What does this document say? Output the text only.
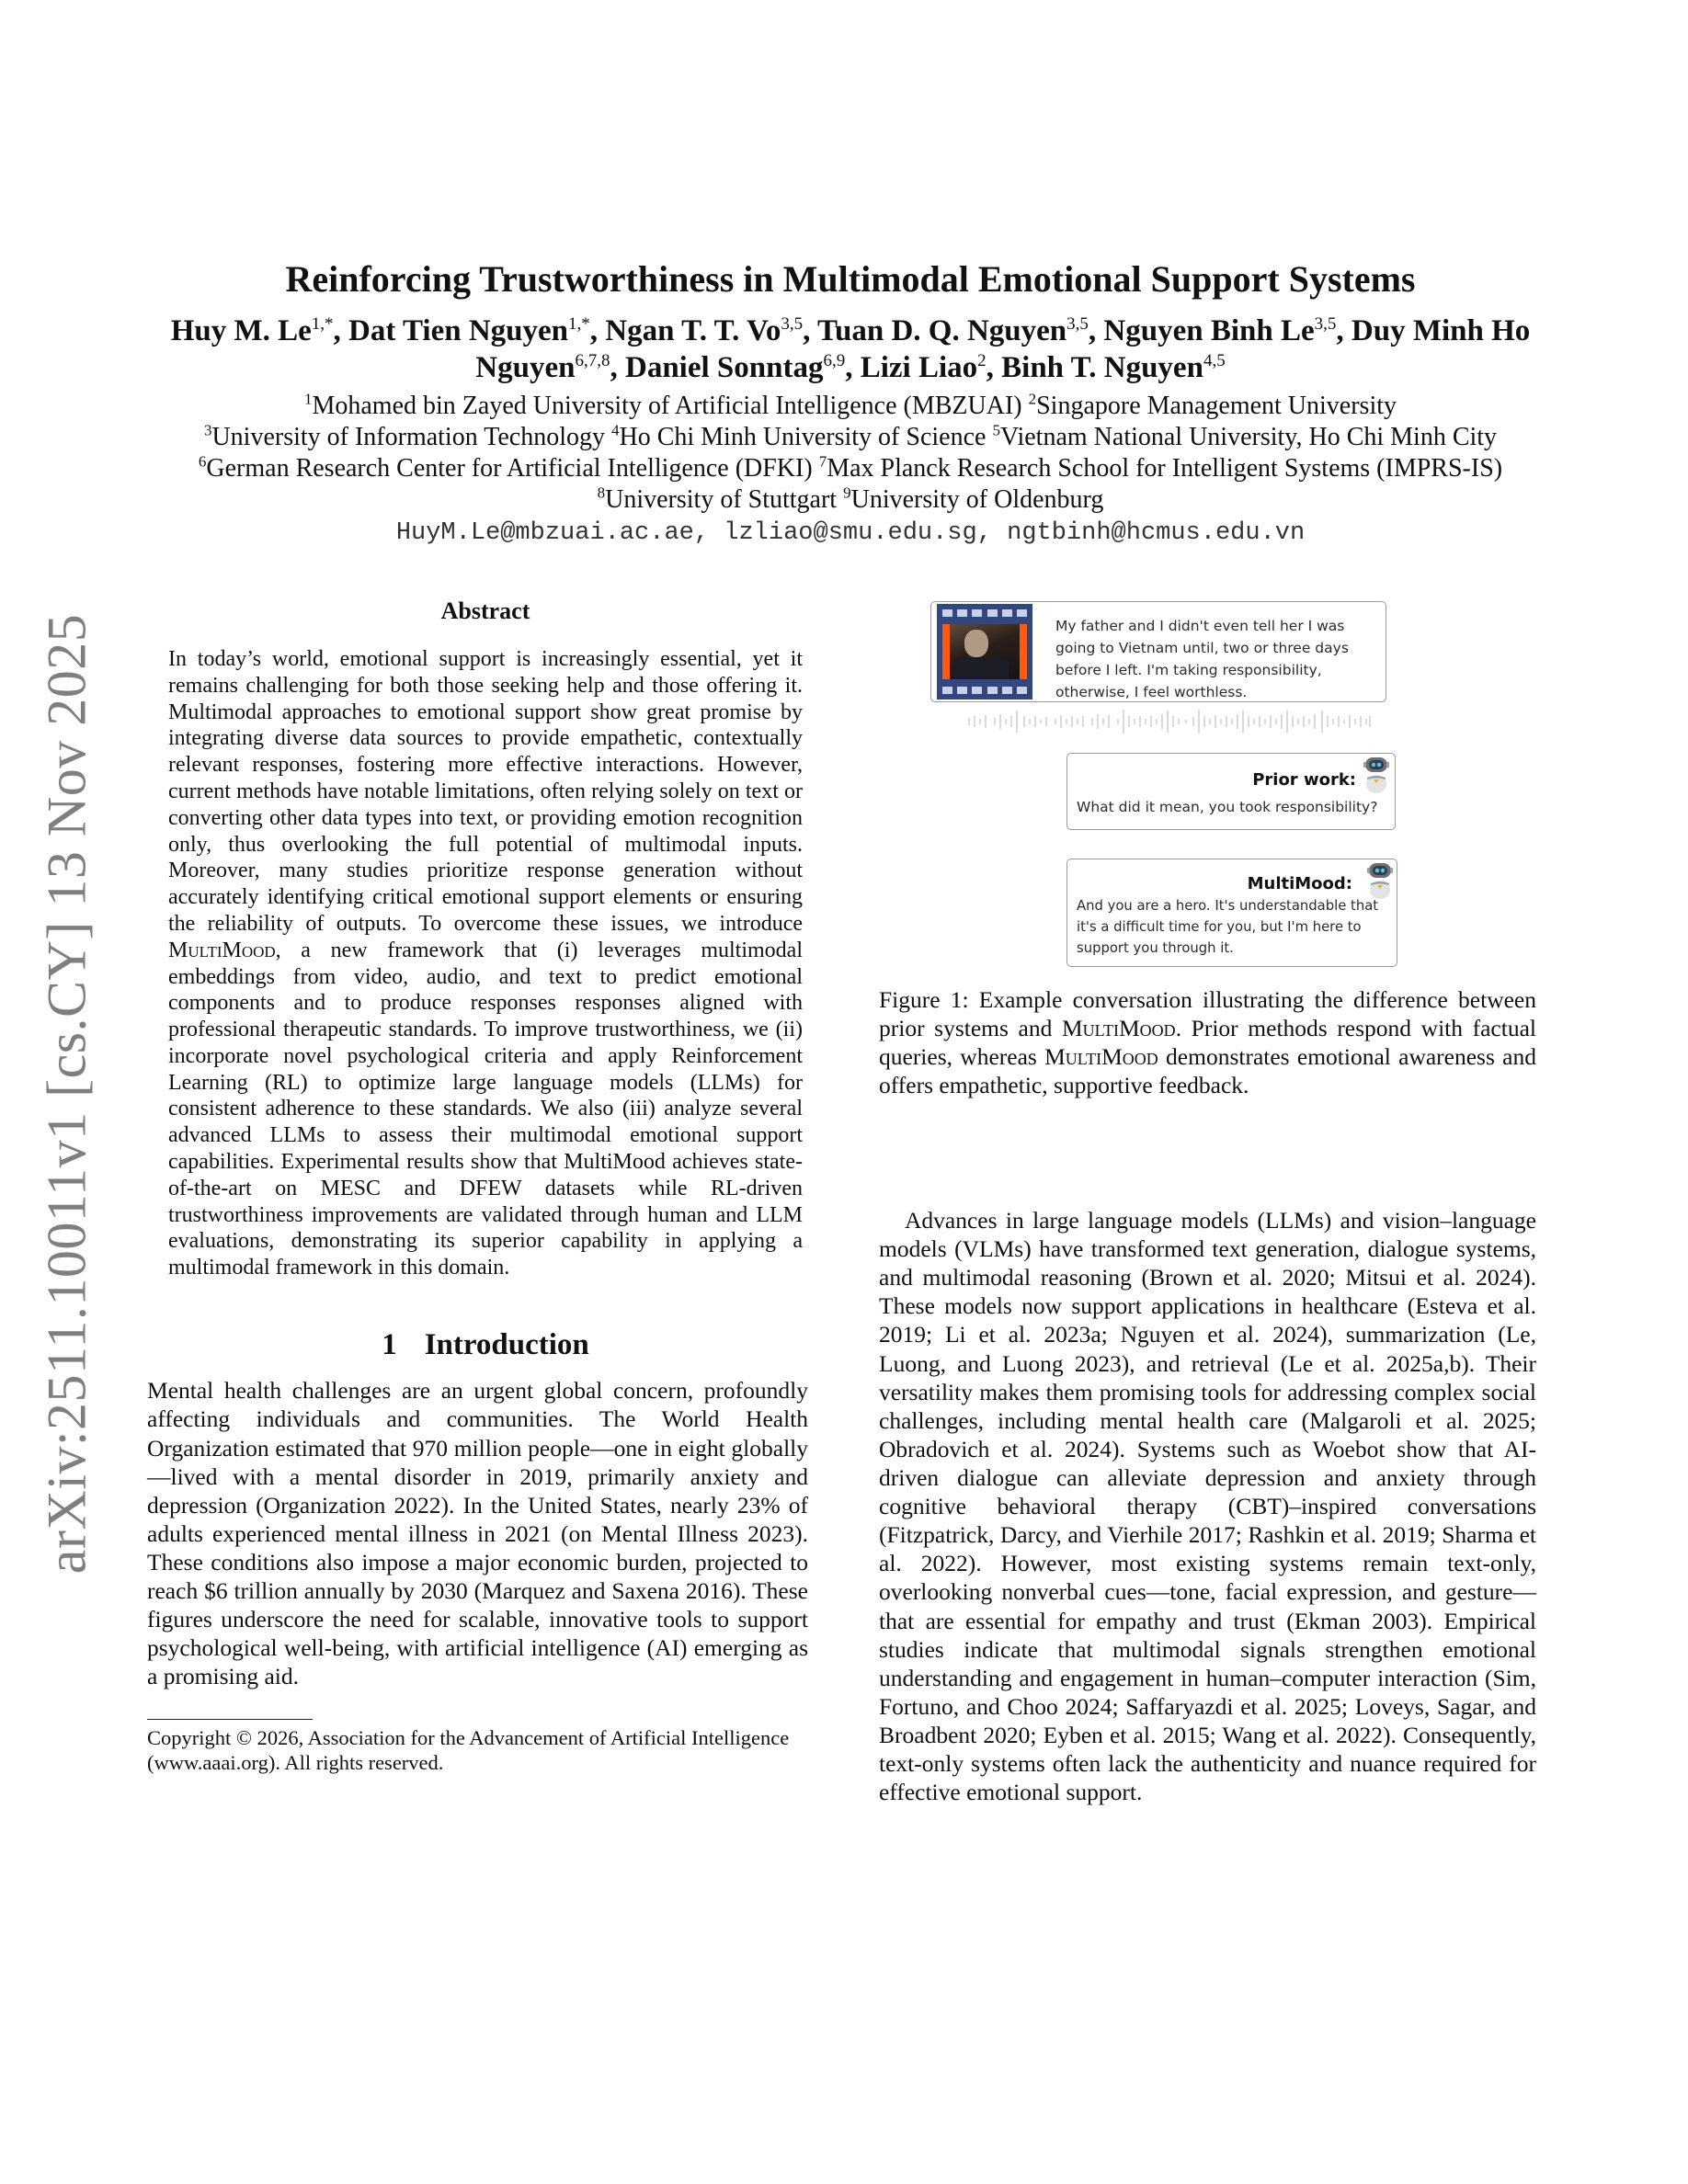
arXiv:2511.10011v1 [cs.CY] 13 Nov 2025
Reinforcing Trustworthiness in Multimodal Emotional Support Systems
Huy M. $Le^{1,*}$, Dat Tien Nguyen$^{1,*}$, Ngan T. T. Vo$^{3,5}$, Tuan D. Q. Nguyen$^{3,5}$, Nguyen Binh Le$^{3,5}$, Duy Minh Ho Nguyen$^{6,7,8}$, Daniel Sonntag$^{6,9}$, Lizi Liao$^2$, Binh T. Nguyen$^{4,5}$
$^1$Mohamed bin Zayed University of Artificial Intelligence (MBZUAI) $^2$Singapore Management University
$^3$University of Information Technology $^4$Ho Chi Minh University of Science $^5$Vietnam National University, Ho Chi Minh City
$^6$German Research Center for Artificial Intelligence (DFKI) $^7$Max Planck Research School for Intelligent Systems (IMPRS-IS)
$^8$University of Stuttgart $^9$University of Oldenburg
HuyM.Le@mbzuai.ac.ae, lzliao@smu.edu.sg, ngtbinh@hcmus.edu.vn
Abstract

In today’s world, emotional support is increasingly essential, yet it remains challenging for both those seeking help and those offering it. Multimodal approaches to emotional support show great promise by integrating diverse data sources to provide empathetic, contextually relevant responses, fostering more effective interactions. However, current methods have notable limitations, often relying solely on text or converting other data types into text, or providing emotion recognition only, thus overlooking the full potential of multimodal inputs. Moreover, many studies prioritize response generation without accurately identifying critical emotional support elements or ensuring the reliability of outputs. To overcome these issues, we introduce MultiMood, a new framework that (i) leverages multimodal embeddings from video, audio, and text to predict emotional components and to produce responses responses aligned with professional therapeutic standards. To improve trustworthiness, we (ii) incorporate novel psychological criteria and apply Reinforcement Learning (RL) to optimize large language models (LLMs) for consistent adherence to these standards. We also (iii) analyze several advanced LLMs to assess their multimodal emotional support capabilities. Experimental results show that MultiMood achieves state-of-the-art on MESC and DFEW datasets while RL-driven trustworthiness improvements are validated through human and LLM evaluations, demonstrating its superior capability in applying a multimodal framework in this domain.

1 Introduction

Mental health challenges are an urgent global concern, profoundly affecting individuals and communities. The World Health Organization estimated that 970 million people—one in eight globally—lived with a mental disorder in 2019, primarily anxiety and depression (Organization 2022). In the United States, nearly 23% of adults experienced mental illness in 2021 (on Mental Illness 2023). These conditions also impose a major economic burden, projected to reach $6 trillion annually by 2030 (Marquez and Saxena 2016). These figures underscore the need for scalable, innovative tools to support psychological well-being, with artificial intelligence (AI) emerging as a promising aid.

Copyright © 2026, Association for the Advancement of Artificial Intelligence (www.aaai.org). All rights reserved.

My father and I didn't even tell her I was going to Vietnam until, two or three days before I left. I'm taking responsibility, otherwise, I feel worthless.
Prior work:
What did it mean, you took responsibility?
MultiMood:
And you are a hero. It's understandable that it's a difficult time for you, but I'm here to support you through it.
Figure 1: Example conversation illustrating the difference between prior systems and MultiMood. Prior methods respond with factual queries, whereas MultiMood demonstrates emotional awareness and offers empathetic, supportive feedback.

Advances in large language models (LLMs) and vision–language models (VLMs) have transformed text generation, dialogue systems, and multimodal reasoning (Brown et al. 2020; Mitsui et al. 2024). These models now support applications in healthcare (Esteva et al. 2019; Li et al. 2023a; Nguyen et al. 2024), summarization (Le, Luong, and Luong 2023), and retrieval (Le et al. 2025a,b). Their versatility makes them promising tools for addressing complex social challenges, including mental health care (Malgaroli et al. 2025; Obradovich et al. 2024). Systems such as Woebot show that AI-driven dialogue can alleviate depression and anxiety through cognitive behavioral therapy (CBT)–inspired conversations (Fitzpatrick, Darcy, and Vierhile 2017; Rashkin et al. 2019; Sharma et al. 2022). However, most existing systems remain text-only, overlooking nonverbal cues—tone, facial expression, and gesture—that are essential for empathy and trust (Ekman 2003). Empirical studies indicate that multimodal signals strengthen emotional understanding and engagement in human–computer interaction (Sim, Fortuno, and Choo 2024; Saffaryazdi et al. 2025; Loveys, Sagar, and Broadbent 2020; Eyben et al. 2015; Wang et al. 2022). Consequently, text-only systems often lack the authenticity and nuance required for effective emotional support.
